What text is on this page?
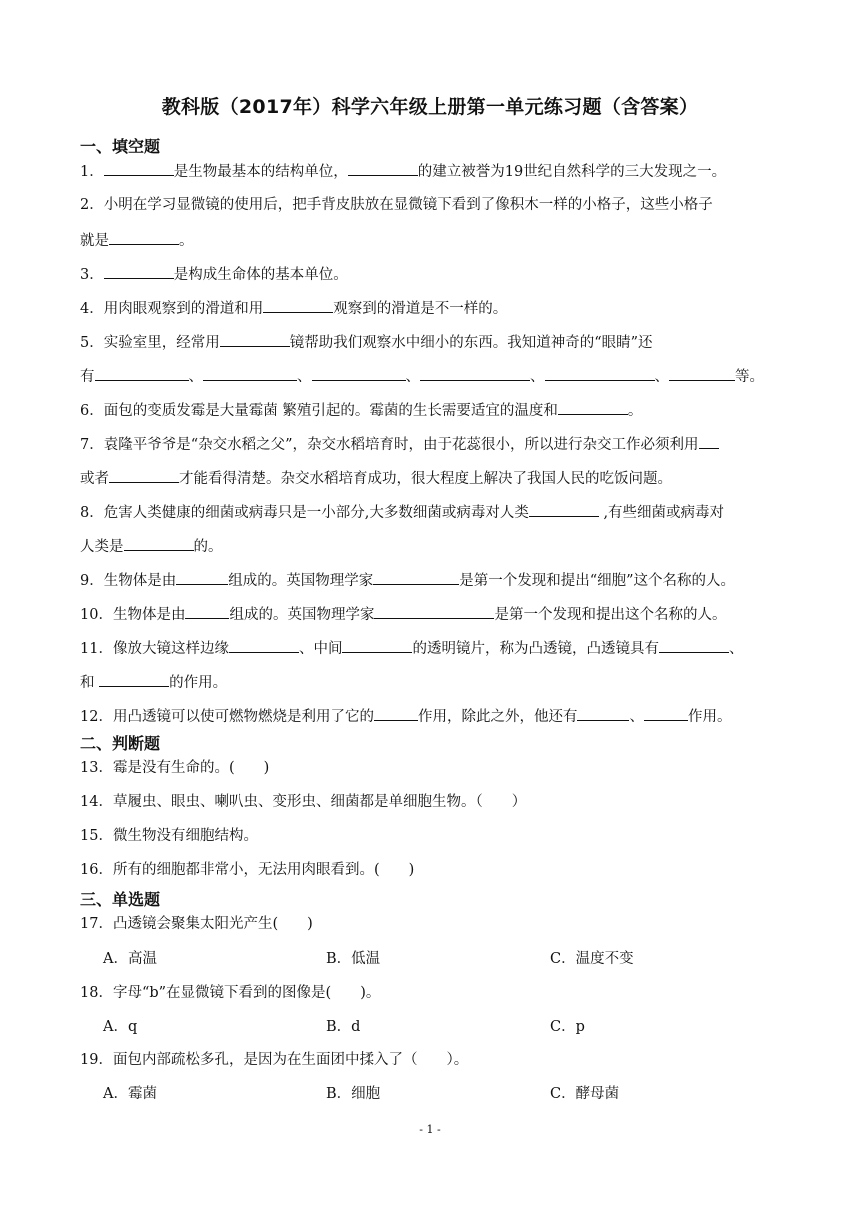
教科版（2017年）科学六年级上册第一单元练习题（含答案）
一、填空题
1．	是生物最基本的结构单位，	的建立被誉为19世纪自然科学的三大发现之一。
2．小明在学习显微镜的使用后，把手背皮肤放在显微镜下看到了像积木一样的小格子，这些小格子
就是	。
3．	是构成生命体的基本单位。
4．用肉眼观察到的滑道和用	观察到的滑道是不一样的。
5．实验室里，经常用	镜帮助我们观察水中细小的东西。我知道神奇的“眼睛”还
有	、	、	、	、	、	等。
6．面包的变质发霉是大量霉菌 繁殖引起的。霉菌的生长需要适宜的温度和	。
7．袁隆平爷爷是“杂交水稻之父”，杂交水稻培育时，由于花蕊很小，所以进行杂交工作必须利用
或者	才能看得清楚。杂交水稻培育成功，很大程度上解决了我国人民的吃饭问题。
8．危害人类健康的细菌或病毒只是一小部分,大多数细菌或病毒对人类	,有些细菌或病毒对
人类是	的。
9．生物体是由	组成的。英国物理学家	是第一个发现和提出“细胞”这个名称的人。
10．生物体是由	组成的。英国物理学家	是第一个发现和提出这个名称的人。
11．像放大镜这样边缘	、中间	的透明镜片，称为凸透镜，凸透镜具有	、
和	的作用。
12．用凸透镜可以使可燃物燃烧是利用了它的	作用，除此之外，他还有	、	作用。
二、判断题
13．霉是没有生命的。(　　)
14．草履虫、眼虫、喇叭虫、变形虫、细菌都是单细胞生物。（　　）
15．微生物没有细胞结构。
16．所有的细胞都非常小，无法用肉眼看到。(　　)
三、单选题
17．凸透镜会聚集太阳光产生(　　)
A．高温	B．低温	C．温度不变
18．字母“b”在显微镜下看到的图像是(　　)。
A．q	B．d	C．p
19．面包内部疏松多孔，是因为在生面团中揉入了（　　）。
A．霉菌	B．细胞	C．酵母菌
- 1 -
